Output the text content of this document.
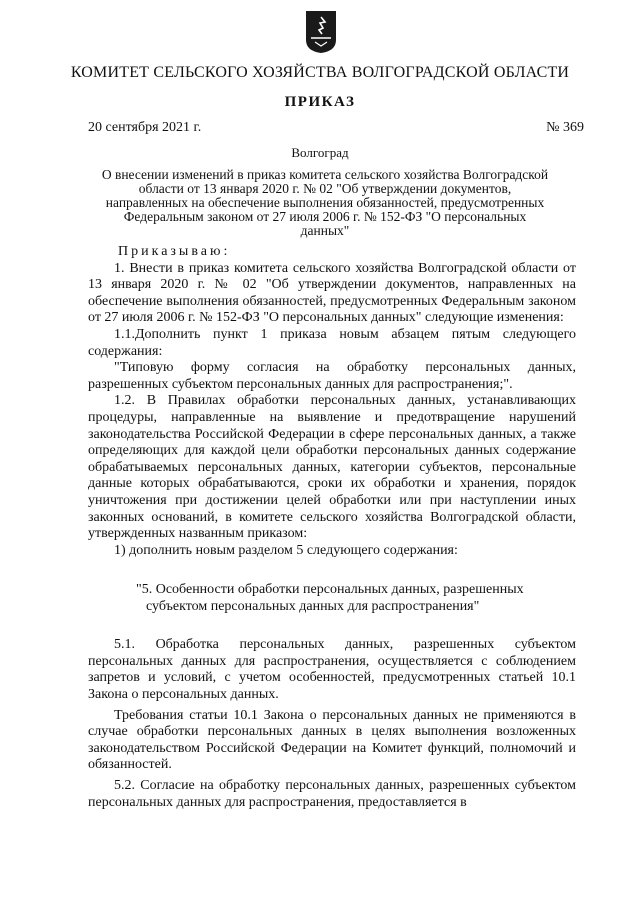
КОМИТЕТ СЕЛЬСКОГО ХОЗЯЙСТВА ВОЛГОГРАДСКОЙ ОБЛАСТИ
ПРИКАЗ
20 сентября 2021 г.	№ 369
Волгоград
О внесении изменений в приказ комитета сельского хозяйства Волгоградской области от 13 января 2020 г. № 02 "Об утверждении документов, направленных на обеспечение выполнения обязанностей, предусмотренных Федеральным законом от 27 июля 2006 г. № 152-ФЗ "О персональных данных"

Приказываю:

1. Внести в приказ комитета сельского хозяйства Волгоградской области от 13 января 2020 г. № 02 "Об утверждении документов, направленных на обеспечение выполнения обязанностей, предусмотренных Федеральным законом от 27 июля 2006 г. № 152-ФЗ "О персональных данных" следующие изменения:

1.1.Дополнить пункт 1 приказа новым абзацем пятым следующего содержания:

"Типовую форму согласия на обработку персональных данных, разрешенных субъектом персональных данных для распространения;".

1.2. В Правилах обработки персональных данных, устанавливающих процедуры, направленные на выявление и предотвращение нарушений законодательства Российской Федерации в сфере персональных данных, а также определяющих для каждой цели обработки персональных данных содержание обрабатываемых персональных данных, категории субъектов, персональные данные которых обрабатываются, сроки их обработки и хранения, порядок уничтожения при достижении целей обработки или при наступлении иных законных оснований, в комитете сельского хозяйства Волгоградской области, утвержденных названным приказом:

1) дополнить новым разделом 5 следующего содержания:

"5. Особенности обработки персональных данных, разрешенных
субъектом персональных данных для распространения"

5.1. Обработка персональных данных, разрешенных субъектом персональных данных для распространения, осуществляется с соблюдением запретов и условий, с учетом особенностей, предусмотренных статьей 10.1 Закона о персональных данных.

Требования статьи 10.1 Закона о персональных данных не применяются в случае обработки персональных данных в целях выполнения возложенных законодательством Российской Федерации на Комитет функций, полномочий и обязанностей.

5.2. Согласие на обработку персональных данных, разрешенных субъектом персональных данных для распространения, предоставляется в
